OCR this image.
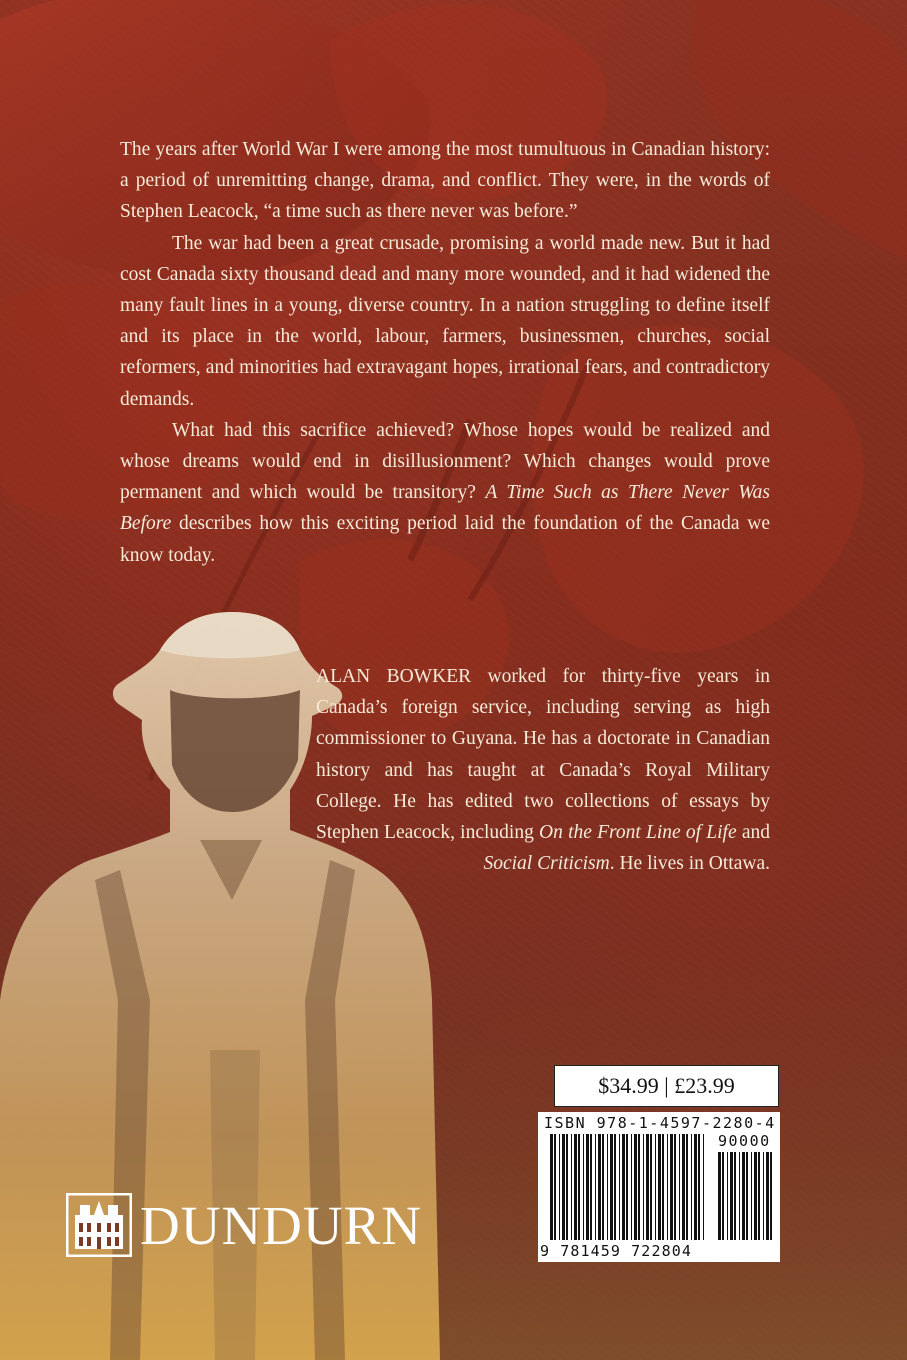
The years after World War I were among the most tumultuous in Canadian history: a period of unremitting change, drama, and conflict. They were, in the words of Stephen Leacock, “a time such as there never was before.”

The war had been a great crusade, promising a world made new. But it had cost Canada sixty thousand dead and many more wounded, and it had widened the many fault lines in a young, diverse country. In a nation struggling to define itself and its place in the world, labour, farmers, businessmen, churches, social reformers, and minorities had extravagant hopes, irrational fears, and contradictory demands.

What had this sacrifice achieved? Whose hopes would be realized and whose dreams would end in disillusionment? Which changes would prove permanent and which would be transitory? A Time Such as There Never Was Before describes how this exciting period laid the foundation of the Canada we know today.

ALAN BOWKER worked for thirty-five years in Canada’s foreign service, including serving as high commissioner to Guyana. He has a doctorate in Canadian history and has taught at Canada’s Royal Military College. He has edited two collections of essays by Stephen Leacock, including On the Front Line of Life and Social Criticism. He lives in Ottawa.

$34.99 | £23.99
ISBN 978-1-4597-2280-4
90000
9 781459 722804
DUNDURN
